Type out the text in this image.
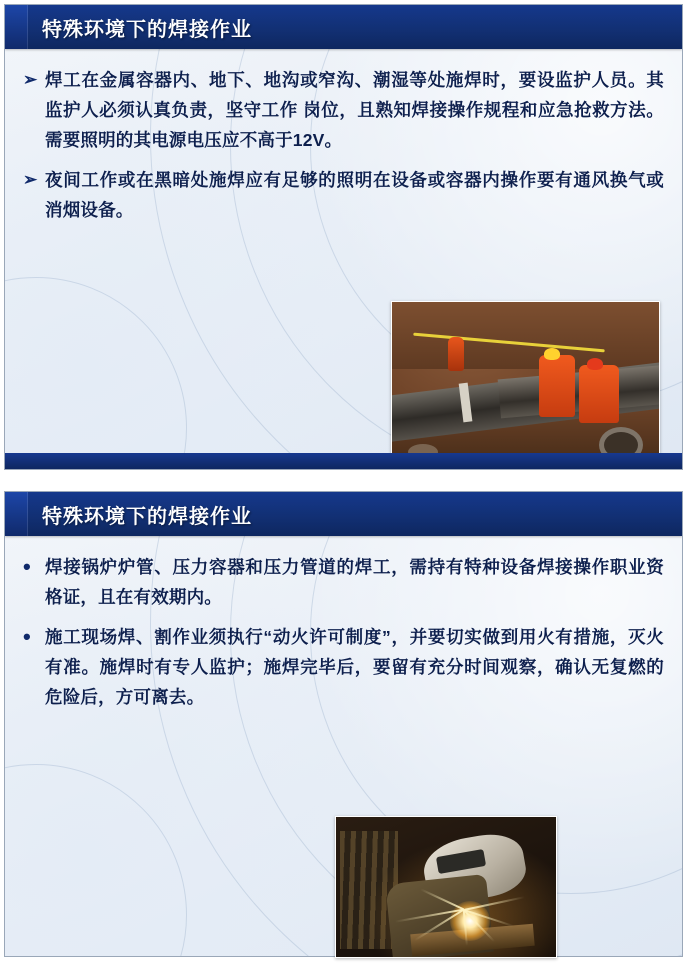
特殊环境下的焊接作业
➢ 焊工在金属容器内、地下、地沟或窄沟、潮湿等处施焊时，要设监护人员。其监护人必须认真负责，坚守工作 岗位，且熟知焊接操作规程和应急抢救方法。需要照明的其电源电压应不高于12V。
➢ 夜间工作或在黑暗处施焊应有足够的照明在设备或容器内操作要有通风换气或消烟设备。
特殊环境下的焊接作业
• 焊接锅炉炉管、压力容器和压力管道的焊工，需持有特种设备焊接操作职业资格证，且在有效期内。
• 施工现场焊、割作业须执行“动火许可制度”，并要切实做到用火有措施，灭火有准。施焊时有专人监护；施焊完毕后，要留有充分时间观察，确认无复燃的危险后，方可离去。
